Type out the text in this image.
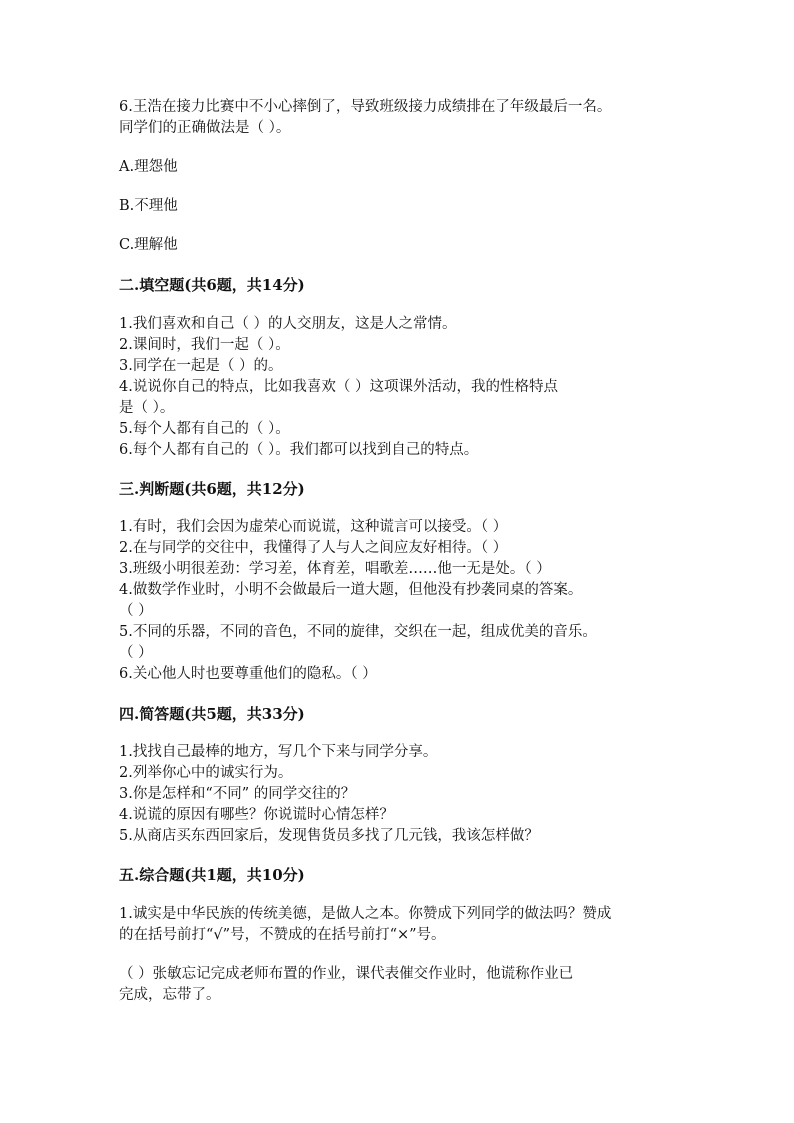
6.王浩在接力比赛中不小心摔倒了，导致班级接力成绩排在了年级最后一名。
同学们的正确做法是（ ）。
A.理怨他
B.不理他
C.理解他
二.填空题(共6题，共14分)
1.我们喜欢和自己（ ）的人交朋友，这是人之常情。
2.课间时，我们一起（ ）。
3.同学在一起是（ ）的。
4.说说你自己的特点，比如我喜欢（ ）这项课外活动，我的性格特点
是（ ）。
5.每个人都有自己的（ ）。
6.每个人都有自己的（ ）。我们都可以找到自己的特点。
三.判断题(共6题，共12分)
1.有时，我们会因为虚荣心而说谎，这种谎言可以接受。（ ）
2.在与同学的交往中，我懂得了人与人之间应友好相待。（ ）
3.班级小明很差劲：学习差，体育差，唱歌差……他一无是处。（ ）
4.做数学作业时，小明不会做最后一道大题，但他没有抄袭同桌的答案。
（ ）
5.不同的乐器，不同的音色，不同的旋律，交织在一起，组成优美的音乐。
（ ）
6.关心他人时也要尊重他们的隐私。（ ）
四.简答题(共5题，共33分)
1.找找自己最棒的地方，写几个下来与同学分享。
2.列举你心中的诚实行为。
3.你是怎样和“不同” 的同学交往的？
4.说谎的原因有哪些？你说谎时心情怎样？
5.从商店买东西回家后，发现售货员多找了几元钱，我该怎样做？
五.综合题(共1题，共10分)
1.诚实是中华民族的传统美德，是做人之本。你赞成下列同学的做法吗？赞成
的在括号前打“√”号，不赞成的在括号前打“×”号。
（ ）张敏忘记完成老师布置的作业，课代表催交作业时，他谎称作业已
完成，忘带了。
